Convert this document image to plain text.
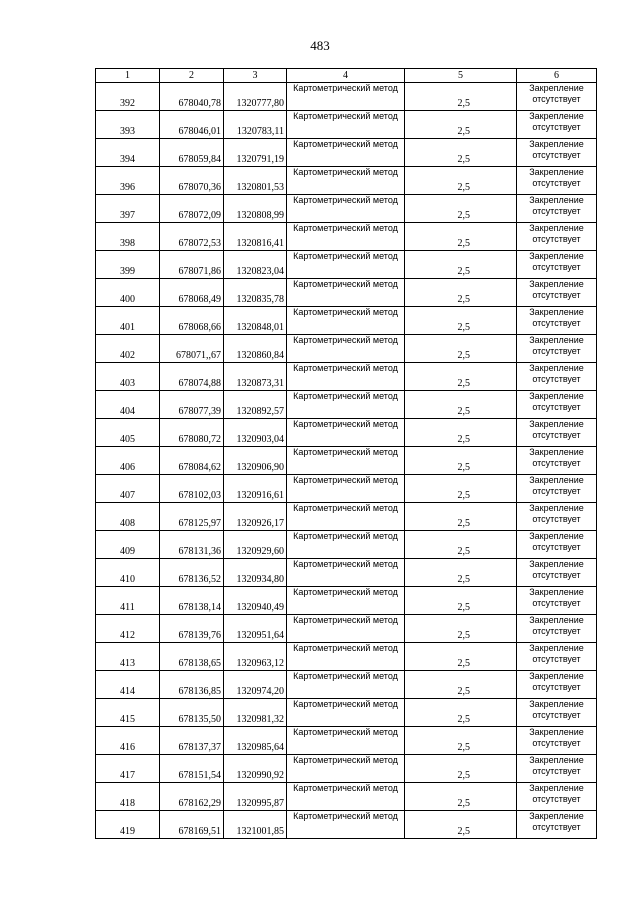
483
1	2	3	4	5	6
392	678040,78	1320777,80	Картометрический метод	2,5	Закрепление отсутствует
393	678046,01	1320783,11	Картометрический метод	2,5	Закрепление отсутствует
394	678059,84	1320791,19	Картометрический метод	2,5	Закрепление отсутствует
396	678070,36	1320801,53	Картометрический метод	2,5	Закрепление отсутствует
397	678072,09	1320808,99	Картометрический метод	2,5	Закрепление отсутствует
398	678072,53	1320816,41	Картометрический метод	2,5	Закрепление отсутствует
399	678071,86	1320823,04	Картометрический метод	2,5	Закрепление отсутствует
400	678068,49	1320835,78	Картометрический метод	2,5	Закрепление отсутствует
401	678068,66	1320848,01	Картометрический метод	2,5	Закрепление отсутствует
402	678071,,67	1320860,84	Картометрический метод	2,5	Закрепление отсутствует
403	678074,88	1320873,31	Картометрический метод	2,5	Закрепление отсутствует
404	678077,39	1320892,57	Картометрический метод	2,5	Закрепление отсутствует
405	678080,72	1320903,04	Картометрический метод	2,5	Закрепление отсутствует
406	678084,62	1320906,90	Картометрический метод	2,5	Закрепление отсутствует
407	678102,03	1320916,61	Картометрический метод	2,5	Закрепление отсутствует
408	678125,97	1320926,17	Картометрический метод	2,5	Закрепление отсутствует
409	678131,36	1320929,60	Картометрический метод	2,5	Закрепление отсутствует
410	678136,52	1320934,80	Картометрический метод	2,5	Закрепление отсутствует
411	678138,14	1320940,49	Картометрический метод	2,5	Закрепление отсутствует
412	678139,76	1320951,64	Картометрический метод	2,5	Закрепление отсутствует
413	678138,65	1320963,12	Картометрический метод	2,5	Закрепление отсутствует
414	678136,85	1320974,20	Картометрический метод	2,5	Закрепление отсутствует
415	678135,50	1320981,32	Картометрический метод	2,5	Закрепление отсутствует
416	678137,37	1320985,64	Картометрический метод	2,5	Закрепление отсутствует
417	678151,54	1320990,92	Картометрический метод	2,5	Закрепление отсутствует
418	678162,29	1320995,87	Картометрический метод	2,5	Закрепление отсутствует
419	678169,51	1321001,85	Картометрический метод	2,5	Закрепление отсутствует
